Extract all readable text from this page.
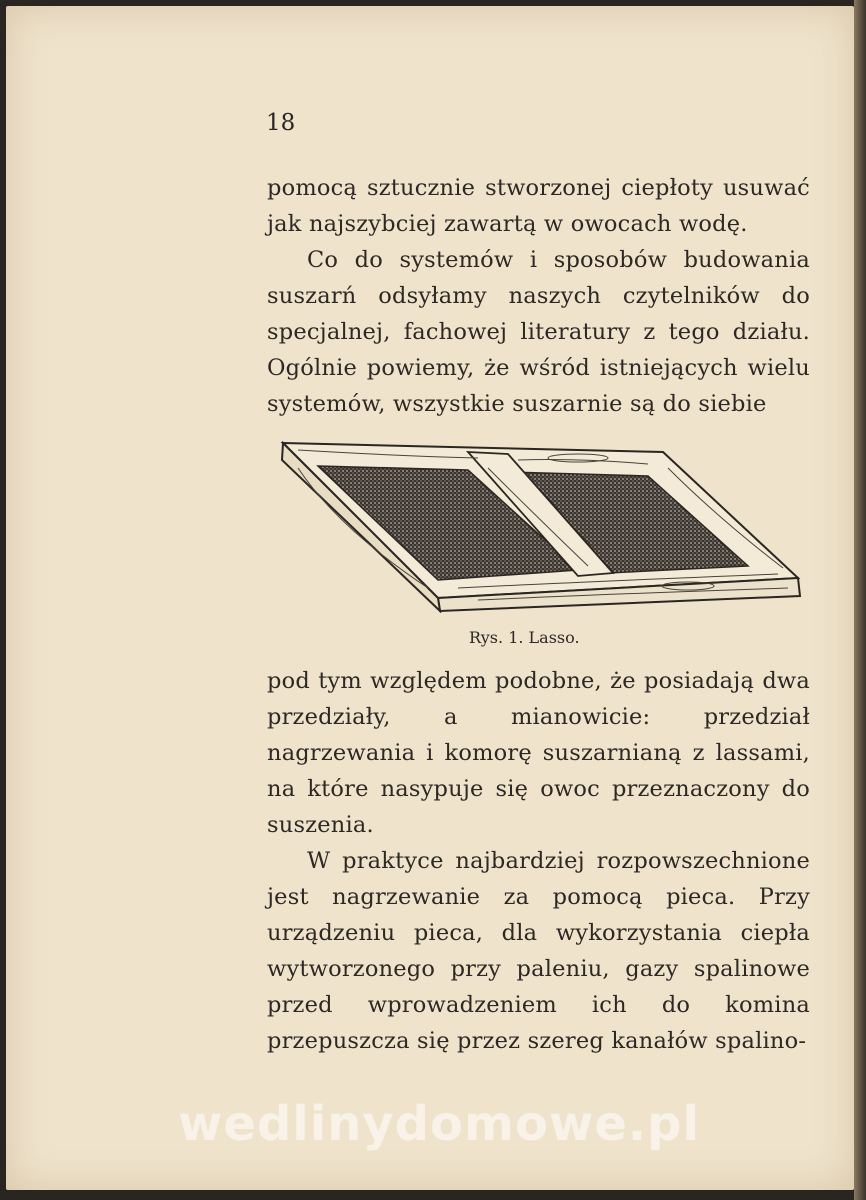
18

pomocą sztucznie stworzonej ciepłoty usuwać jak najszybciej zawartą w owocach wodę.

Co do systemów i sposobów budowania suszarń odsyłamy naszych czytelników do specjalnej, fachowej literatury z tego działu. Ogólnie powiemy, że wśród istniejących wielu systemów, wszystkie suszarnie są do siebie

Rys. 1. Lasso.

pod tym względem podobne, że posiadają dwa przedziały, a mianowicie: przedział nagrzewania i komorę suszarnianą z lassami, na które nasypuje się owoc przeznaczony do suszenia.

W praktyce najbardziej rozpowszechnione jest nagrzewanie za pomocą pieca. Przy urządzeniu pieca, dla wykorzystania ciepła wytworzonego przy paleniu, gazy spalinowe przed wprowadzeniem ich do komina przepuszcza się przez szereg kanałów spalino-

wedlinydomowe.pl
